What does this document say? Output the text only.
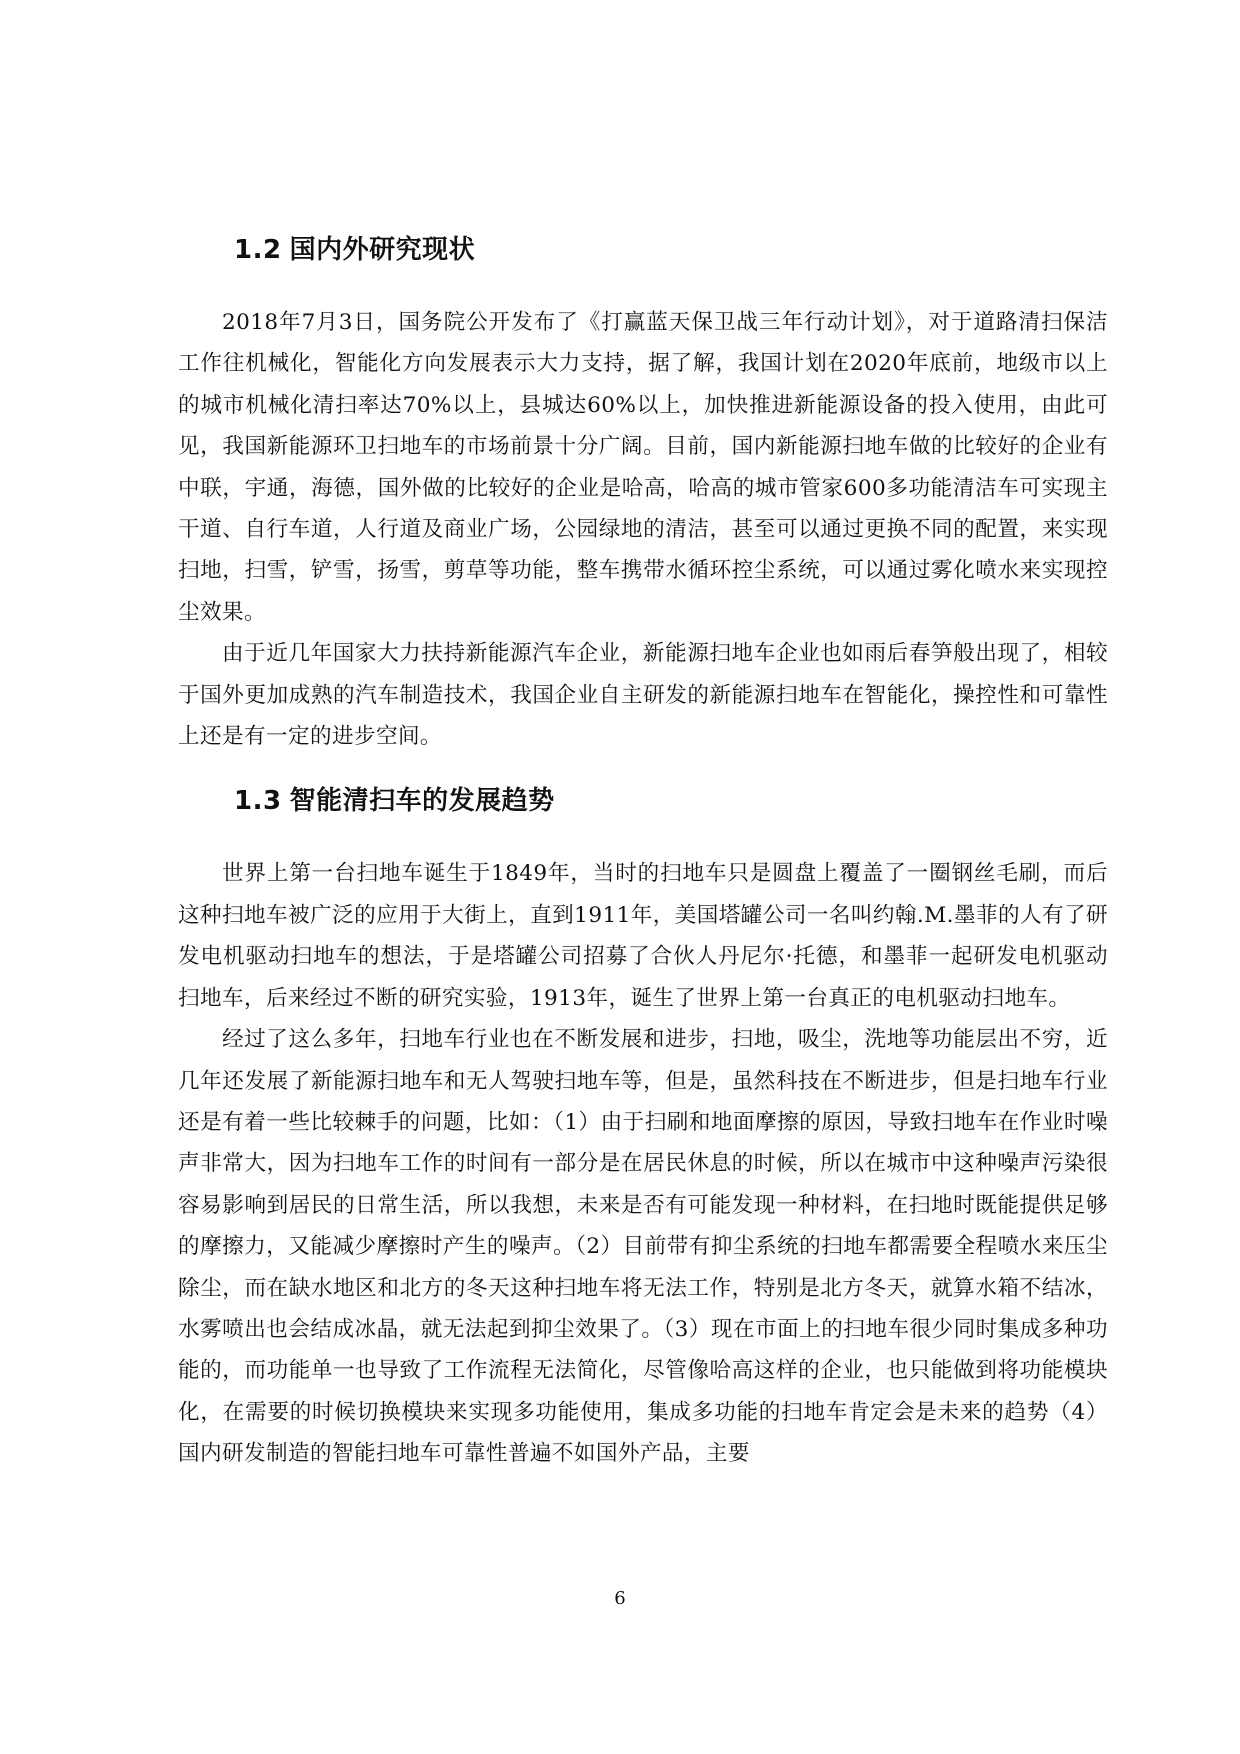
1.2 国内外研究现状

2018年7月3日，国务院公开发布了《打赢蓝天保卫战三年行动计划》，对于道路清扫保洁工作往机械化，智能化方向发展表示大力支持，据了解，我国计划在2020年底前，地级市以上的城市机械化清扫率达70%以上，县城达60%以上，加快推进新能源设备的投入使用，由此可见，我国新能源环卫扫地车的市场前景十分广阔。目前，国内新能源扫地车做的比较好的企业有中联，宇通，海德，国外做的比较好的企业是哈高，哈高的城市管家600多功能清洁车可实现主干道、自行车道，人行道及商业广场，公园绿地的清洁，甚至可以通过更换不同的配置，来实现扫地，扫雪，铲雪，扬雪，剪草等功能，整车携带水循环控尘系统，可以通过雾化喷水来实现控尘效果。

由于近几年国家大力扶持新能源汽车企业，新能源扫地车企业也如雨后春笋般出现了，相较于国外更加成熟的汽车制造技术，我国企业自主研发的新能源扫地车在智能化，操控性和可靠性上还是有一定的进步空间。

1.3 智能清扫车的发展趋势

世界上第一台扫地车诞生于1849年，当时的扫地车只是圆盘上覆盖了一圈钢丝毛刷，而后这种扫地车被广泛的应用于大街上，直到1911年，美国塔罐公司一名叫约翰.M.墨菲的人有了研发电机驱动扫地车的想法，于是塔罐公司招募了合伙人丹尼尔·托德，和墨菲一起研发电机驱动扫地车，后来经过不断的研究实验，1913年，诞生了世界上第一台真正的电机驱动扫地车。

经过了这么多年，扫地车行业也在不断发展和进步，扫地，吸尘，洗地等功能层出不穷，近几年还发展了新能源扫地车和无人驾驶扫地车等，但是，虽然科技在不断进步，但是扫地车行业还是有着一些比较棘手的问题，比如：（1）由于扫刷和地面摩擦的原因，导致扫地车在作业时噪声非常大，因为扫地车工作的时间有一部分是在居民休息的时候，所以在城市中这种噪声污染很容易影响到居民的日常生活，所以我想，未来是否有可能发现一种材料，在扫地时既能提供足够的摩擦力，又能减少摩擦时产生的噪声。（2）目前带有抑尘系统的扫地车都需要全程喷水来压尘除尘，而在缺水地区和北方的冬天这种扫地车将无法工作，特别是北方冬天，就算水箱不结冰，水雾喷出也会结成冰晶，就无法起到抑尘效果了。（3）现在市面上的扫地车很少同时集成多种功能的，而功能单一也导致了工作流程无法简化，尽管像哈高这样的企业，也只能做到将功能模块化，在需要的时候切换模块来实现多功能使用，集成多功能的扫地车肯定会是未来的趋势（4）国内研发制造的智能扫地车可靠性普遍不如国外产品，主要

6
